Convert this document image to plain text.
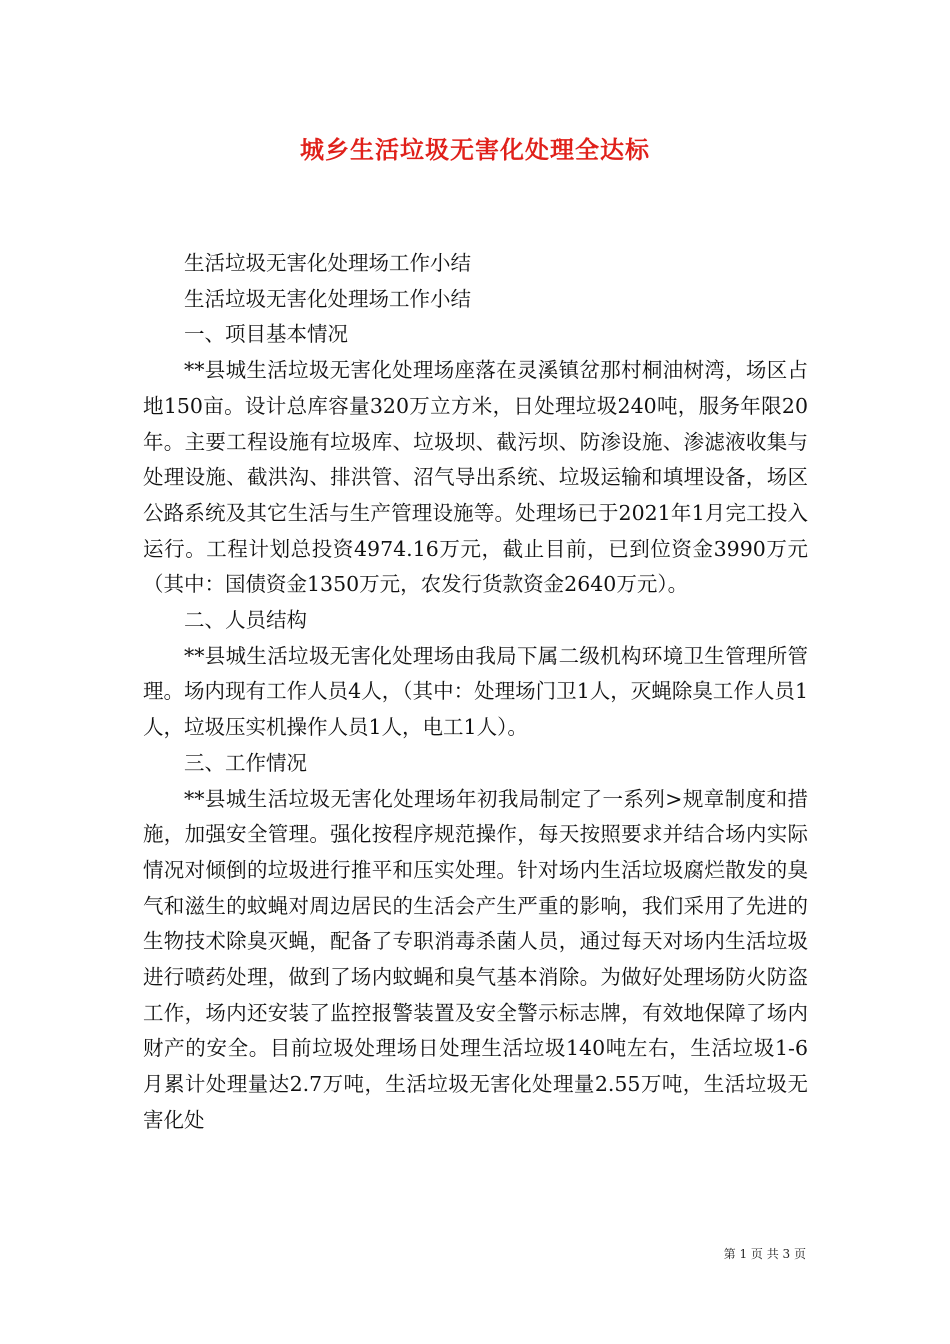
城乡生活垃圾无害化处理全达标

生活垃圾无害化处理场工作小结

生活垃圾无害化处理场工作小结

一、项目基本情况

**县城生活垃圾无害化处理场座落在灵溪镇岔那村桐油树湾，场区占地150亩。设计总库容量320万立方米，日处理垃圾240吨，服务年限20年。主要工程设施有垃圾库、垃圾坝、截污坝、防渗设施、渗滤液收集与处理设施、截洪沟、排洪管、沼气导出系统、垃圾运输和填埋设备，场区公路系统及其它生活与生产管理设施等。处理场已于2021年1月完工投入运行。工程计划总投资4974.16万元，截止目前，已到位资金3990万元（其中：国债资金1350万元，农发行货款资金2640万元）。

二、人员结构

**县城生活垃圾无害化处理场由我局下属二级机构环境卫生管理所管理。场内现有工作人员4人，（其中：处理场门卫1人，灭蝇除臭工作人员1人，垃圾压实机操作人员1人，电工1人）。

三、工作情况

**县城生活垃圾无害化处理场年初我局制定了一系列>规章制度和措施，加强安全管理。强化按程序规范操作，每天按照要求并结合场内实际情况对倾倒的垃圾进行推平和压实处理。针对场内生活垃圾腐烂散发的臭气和滋生的蚊蝇对周边居民的生活会产生严重的影响，我们采用了先进的生物技术除臭灭蝇，配备了专职消毒杀菌人员，通过每天对场内生活垃圾进行喷药处理，做到了场内蚊蝇和臭气基本消除。为做好处理场防火防盗工作，场内还安装了监控报警装置及安全警示标志牌，有效地保障了场内财产的安全。目前垃圾处理场日处理生活垃圾140吨左右，生活垃圾1-6月累计处理量达2.7万吨，生活垃圾无害化处理量2.55万吨，生活垃圾无害化处

第 1 页 共 3 页
